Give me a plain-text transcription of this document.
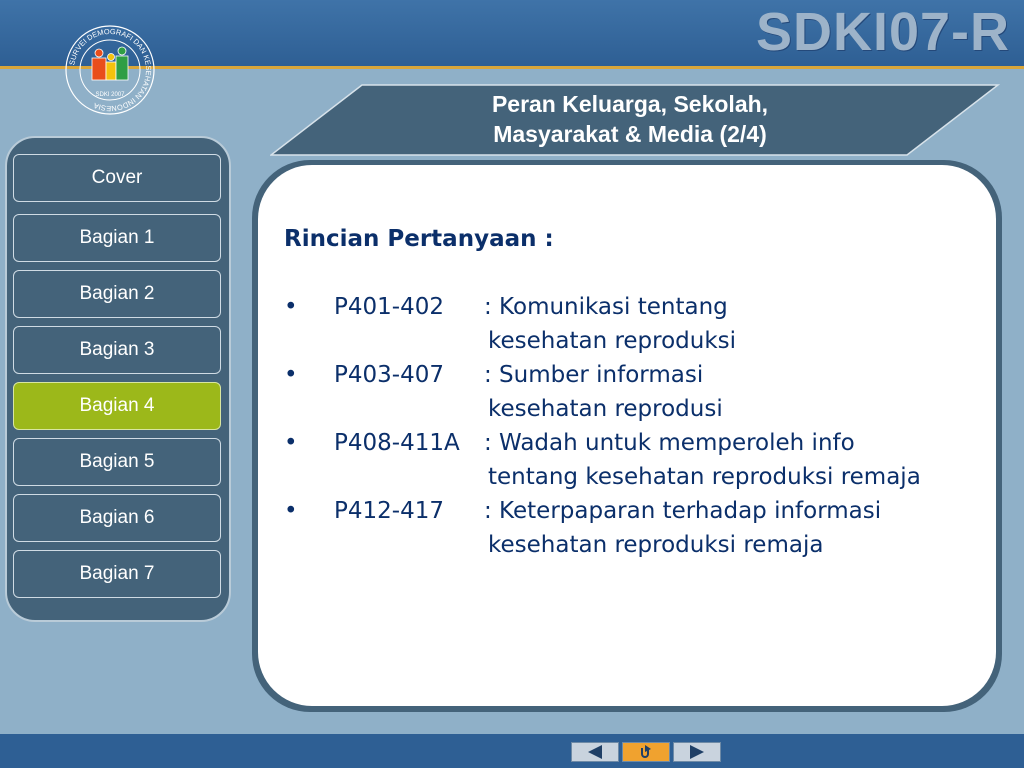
SDKI07-R
SURVEI DEMOGRAFI DAN KESEHATAN INDONESIA
SDKI 2007	Peran Keluarga, Sekolah,
Masyarakat & Media (2/4)
Cover
Bagian 1
Bagian 2
Bagian 3
Bagian 4
Bagian 5
Bagian 6
Bagian 7
Rincian Pertanyaan :
•	P401-402	: Komunikasi tentang
kesehatan reproduksi
•	P403-407	: Sumber informasi
kesehatan reprodusi
•	P408-411A	: Wadah untuk memperoleh info
tentang kesehatan reproduksi remaja
•	P412-417	: Keterpaparan terhadap informasi
kesehatan reproduksi remaja
